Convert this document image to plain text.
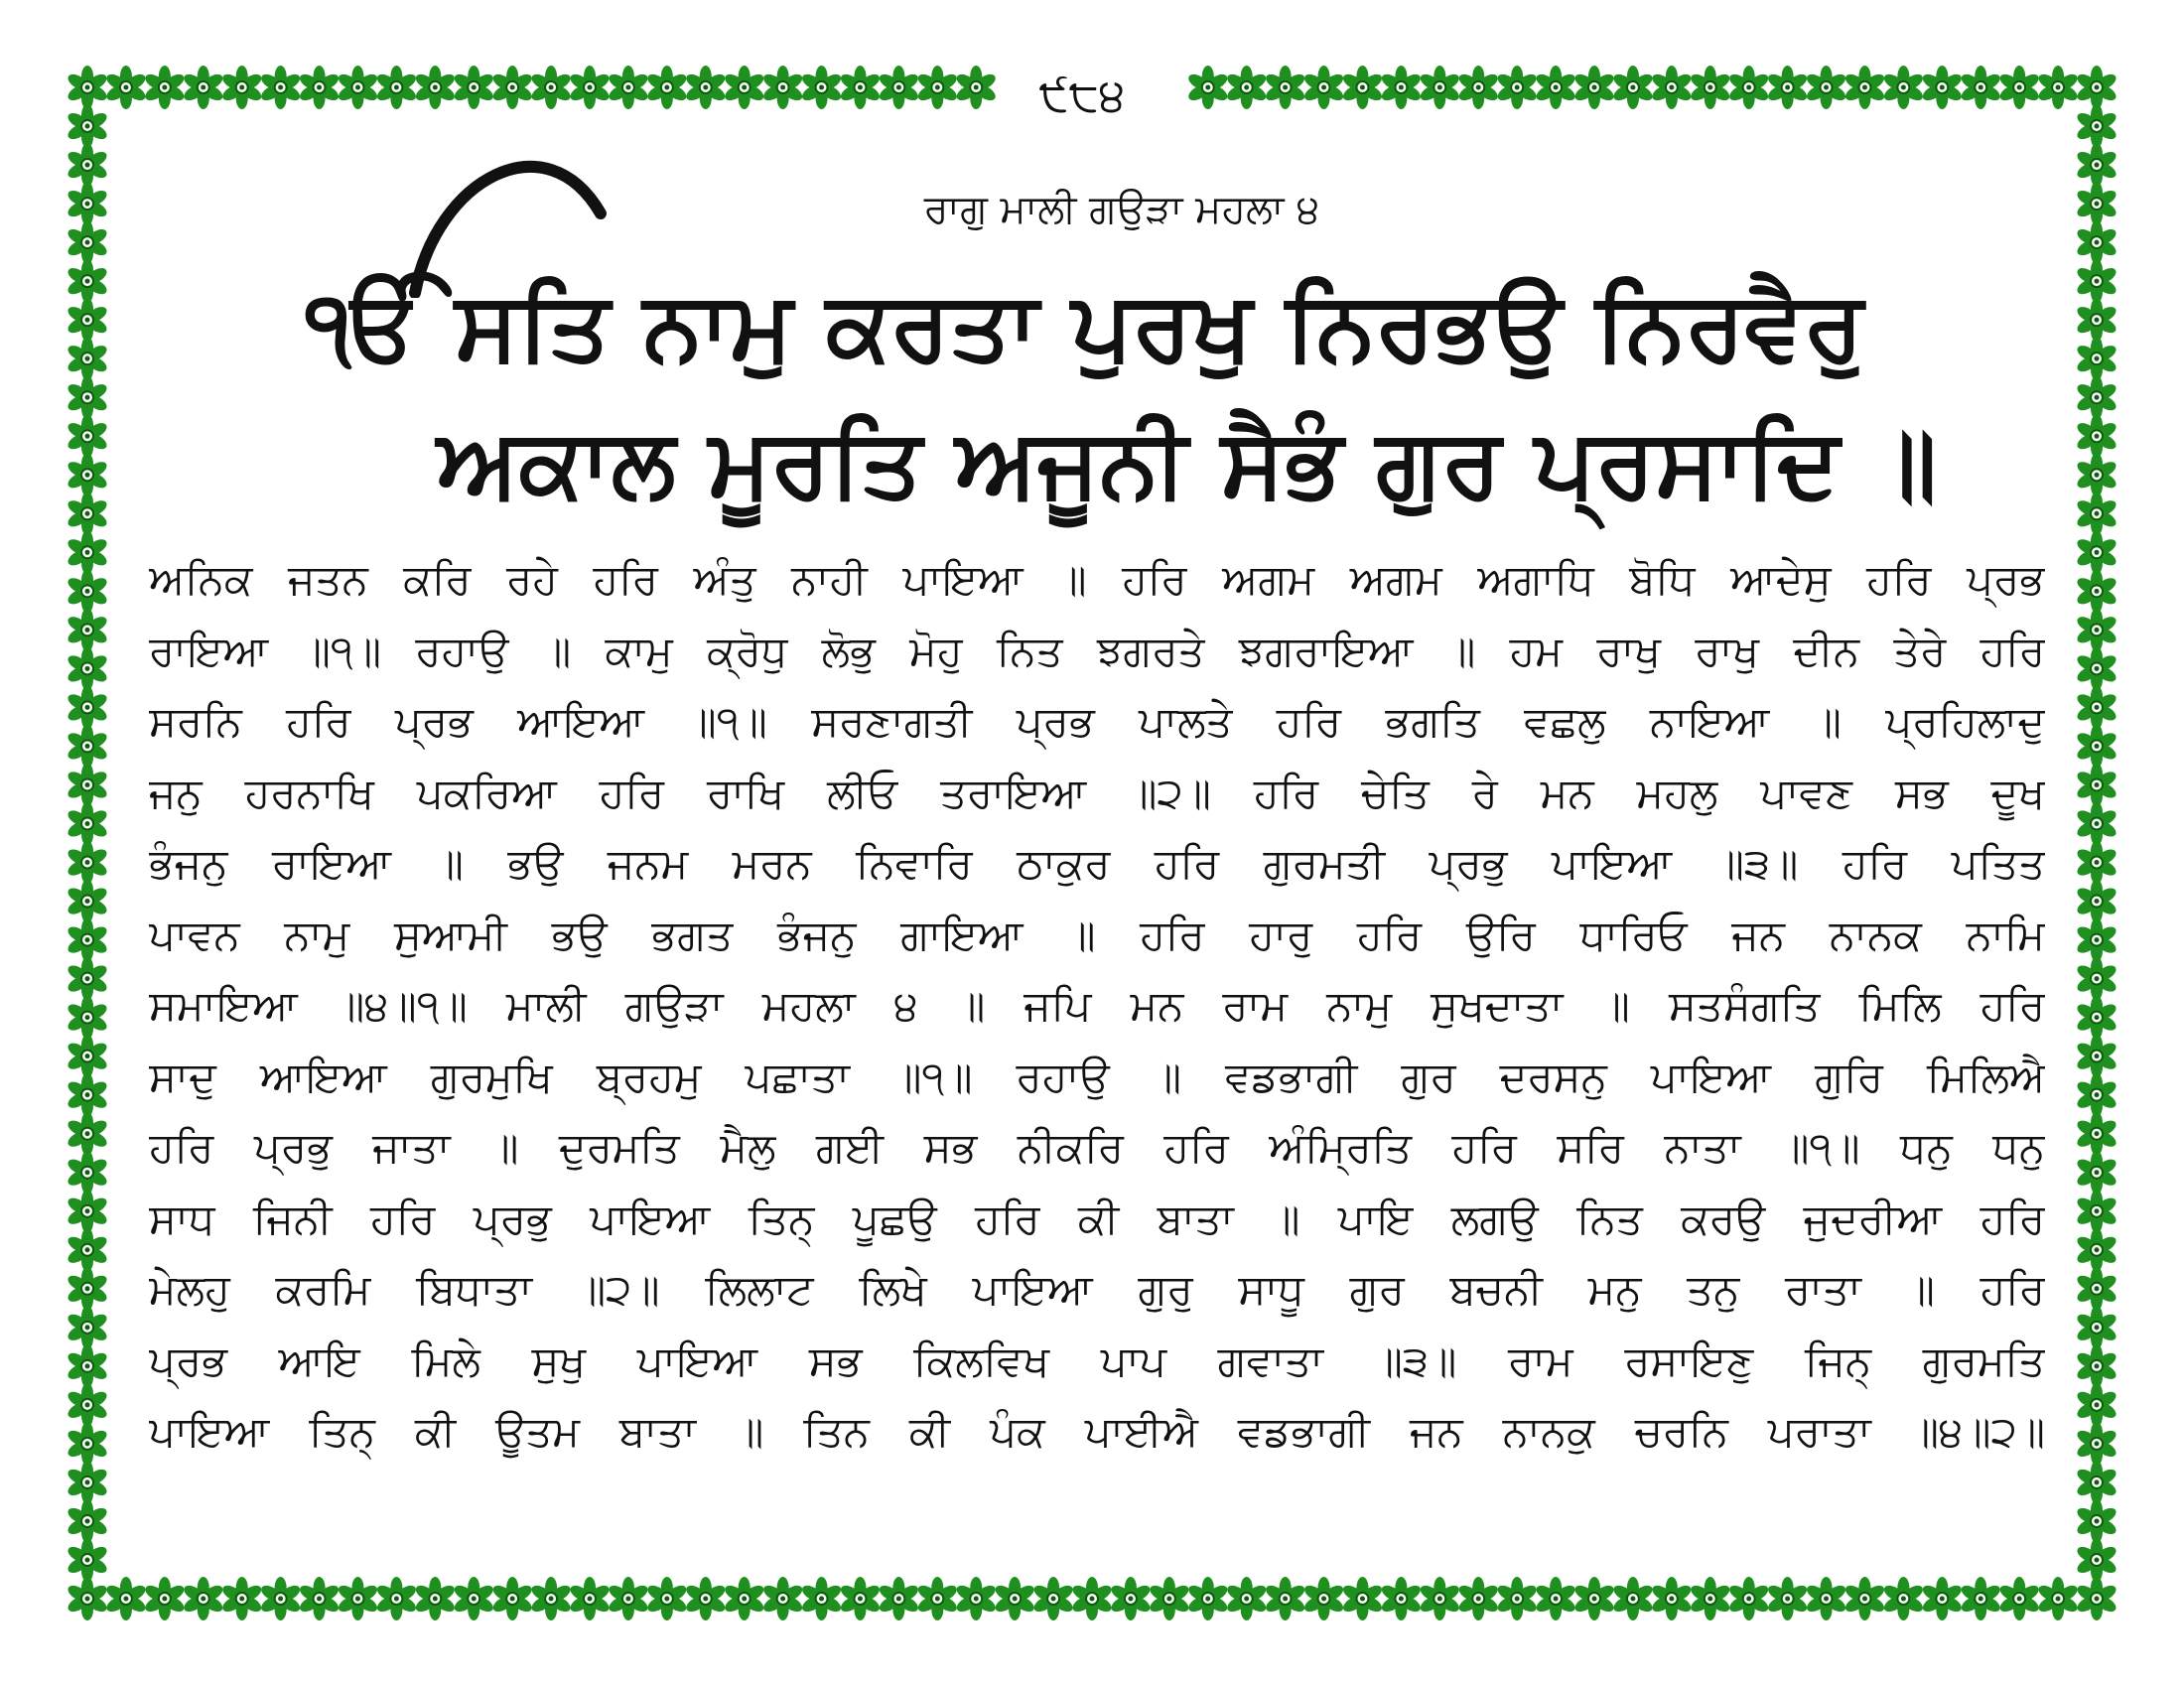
੯੮੪
ਰਾਗੁ ਮਾਲੀ ਗਉੜਾ ਮਹਲਾ ੪
ੴ ਸਤਿ ਨਾਮੁ ਕਰਤਾ ਪੁਰਖੁ ਨਿਰਭਉ ਨਿਰਵੈਰੁ
ਅਕਾਲ ਮੂਰਤਿ ਅਜੂਨੀ ਸੈਭੰ ਗੁਰ ਪ੍ਰਸਾਦਿ ॥
ਅਨਿਕ ਜਤਨ ਕਰਿ ਰਹੇ ਹਰਿ ਅੰਤੁ ਨਾਹੀ ਪਾਇਆ ॥ ਹਰਿ ਅਗਮ ਅਗਮ ਅਗਾਧਿ ਬੋਧਿ ਆਦੇਸੁ ਹਰਿ ਪ੍ਰਭ
ਰਾਇਆ ॥੧॥ ਰਹਾਉ ॥ ਕਾਮੁ ਕ੍ਰੋਧੁ ਲੋਭੁ ਮੋਹੁ ਨਿਤ ਝਗਰਤੇ ਝਗਰਾਇਆ ॥ ਹਮ ਰਾਖੁ ਰਾਖੁ ਦੀਨ ਤੇਰੇ ਹਰਿ
ਸਰਨਿ ਹਰਿ ਪ੍ਰਭ ਆਇਆ ॥੧॥ ਸਰਣਾਗਤੀ ਪ੍ਰਭ ਪਾਲਤੇ ਹਰਿ ਭਗਤਿ ਵਛਲੁ ਨਾਇਆ ॥ ਪ੍ਰਹਿਲਾਦੁ
ਜਨੁ ਹਰਨਾਖਿ ਪਕਰਿਆ ਹਰਿ ਰਾਖਿ ਲੀਓ ਤਰਾਇਆ ॥੨॥ ਹਰਿ ਚੇਤਿ ਰੇ ਮਨ ਮਹਲੁ ਪਾਵਣ ਸਭ ਦੂਖ
ਭੰਜਨੁ ਰਾਇਆ ॥ ਭਉ ਜਨਮ ਮਰਨ ਨਿਵਾਰਿ ਠਾਕੁਰ ਹਰਿ ਗੁਰਮਤੀ ਪ੍ਰਭੁ ਪਾਇਆ ॥੩॥ ਹਰਿ ਪਤਿਤ
ਪਾਵਨ ਨਾਮੁ ਸੁਆਮੀ ਭਉ ਭਗਤ ਭੰਜਨੁ ਗਾਇਆ ॥ ਹਰਿ ਹਾਰੁ ਹਰਿ ਉਰਿ ਧਾਰਿਓ ਜਨ ਨਾਨਕ ਨਾਮਿ
ਸਮਾਇਆ ॥੪॥੧॥ ਮਾਲੀ ਗਉੜਾ ਮਹਲਾ ੪ ॥ ਜਪਿ ਮਨ ਰਾਮ ਨਾਮੁ ਸੁਖਦਾਤਾ ॥ ਸਤਸੰਗਤਿ ਮਿਲਿ ਹਰਿ
ਸਾਦੁ ਆਇਆ ਗੁਰਮੁਖਿ ਬ੍ਰਹਮੁ ਪਛਾਤਾ ॥੧॥ ਰਹਾਉ ॥ ਵਡਭਾਗੀ ਗੁਰ ਦਰਸਨੁ ਪਾਇਆ ਗੁਰਿ ਮਿਲਿਐ
ਹਰਿ ਪ੍ਰਭੁ ਜਾਤਾ ॥ ਦੁਰਮਤਿ ਮੈਲੁ ਗਈ ਸਭ ਨੀਕਰਿ ਹਰਿ ਅੰਮ੍ਰਿਤਿ ਹਰਿ ਸਰਿ ਨਾਤਾ ॥੧॥ ਧਨੁ ਧਨੁ
ਸਾਧ ਜਿਨੀ ਹਰਿ ਪ੍ਰਭੁ ਪਾਇਆ ਤਿਨ੍ ਪੂਛਉ ਹਰਿ ਕੀ ਬਾਤਾ ॥ ਪਾਇ ਲਗਉ ਨਿਤ ਕਰਉ ਜੁਦਰੀਆ ਹਰਿ
ਮੇਲਹੁ ਕਰਮਿ ਬਿਧਾਤਾ ॥੨॥ ਲਿਲਾਟ ਲਿਖੇ ਪਾਇਆ ਗੁਰੁ ਸਾਧੂ ਗੁਰ ਬਚਨੀ ਮਨੁ ਤਨੁ ਰਾਤਾ ॥ ਹਰਿ
ਪ੍ਰਭ ਆਇ ਮਿਲੇ ਸੁਖੁ ਪਾਇਆ ਸਭ ਕਿਲਵਿਖ ਪਾਪ ਗਵਾਤਾ ॥੩॥ ਰਾਮ ਰਸਾਇਣੁ ਜਿਨ੍ ਗੁਰਮਤਿ
ਪਾਇਆ ਤਿਨ੍ ਕੀ ਊਤਮ ਬਾਤਾ ॥ ਤਿਨ ਕੀ ਪੰਕ ਪਾਈਐ ਵਡਭਾਗੀ ਜਨ ਨਾਨਕੁ ਚਰਨਿ ਪਰਾਤਾ ॥੪॥੨॥
